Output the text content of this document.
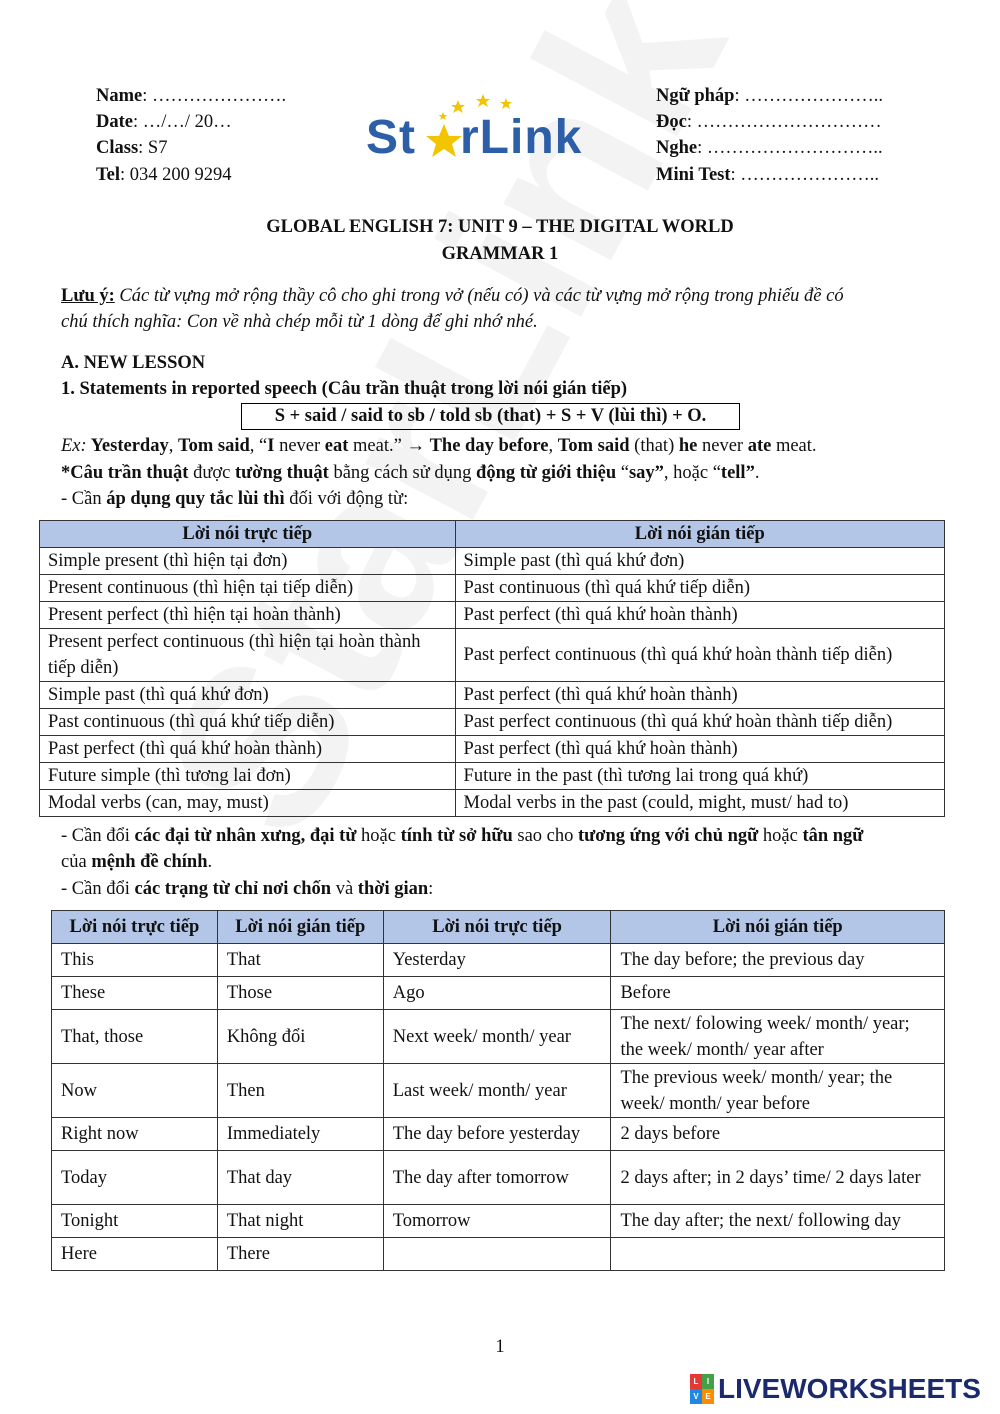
Name: ………………….
Date: …/…/ 20…
Class: S7
Tel: 034 200 9294
St rLink
Ngữ pháp: …………………..
Đọc: …………………………
Nghe: ………………………..
Mini Test: …………………..
GLOBAL ENGLISH 7: UNIT 9 – THE DIGITAL WORLD
GRAMMAR 1
Lưu ý: Các từ vựng mở rộng thầy cô cho ghi trong vở (nếu có) và các từ vựng mở rộng trong phiếu đề có
chú thích nghĩa: Con về nhà chép mỗi từ 1 dòng để ghi nhớ nhé.
A. NEW LESSON
1. Statements in reported speech (Câu trần thuật trong lời nói gián tiếp)
S + said / said to sb / told sb (that) + S + V (lùi thì) + O.
Ex: Yesterday, Tom said, “I never eat meat.” → The day before, Tom said (that) he never ate meat.
*Câu trần thuật được tường thuật bằng cách sử dụng động từ giới thiệu “say”, hoặc “tell”.
- Cần áp dụng quy tắc lùi thì đối với động từ:
Lời nói trực tiếp	Lời nói gián tiếp
Simple present (thì hiện tại đơn)	Simple past (thì quá khứ đơn)
Present continuous (thì hiện tại tiếp diễn)	Past continuous (thì quá khứ tiếp diễn)
Present perfect (thì hiện tại hoàn thành)	Past perfect (thì quá khứ hoàn thành)
Present perfect continuous (thì hiện tại hoàn thành tiếp diễn)	Past perfect continuous (thì quá khứ hoàn thành tiếp diễn)
Simple past (thì quá khứ đơn)	Past perfect (thì quá khứ hoàn thành)
Past continuous (thì quá khứ tiếp diễn)	Past perfect continuous (thì quá khứ hoàn thành tiếp diễn)
Past perfect (thì quá khứ hoàn thành)	Past perfect (thì quá khứ hoàn thành)
Future simple (thì tương lai đơn)	Future in the past (thì tương lai trong quá khứ)
Modal verbs (can, may, must)	Modal verbs in the past (could, might, must/ had to)
- Cần đổi các đại từ nhân xưng, đại từ hoặc tính từ sở hữu sao cho tương ứng với chủ ngữ hoặc tân ngữ
của mệnh đề chính.
- Cần đổi các trạng từ chỉ nơi chốn và thời gian:
Lời nói trực tiếp	Lời nói gián tiếp	Lời nói trực tiếp	Lời nói gián tiếp
This	That	Yesterday	The day before; the previous day
These	Those	Ago	Before
That, those	Không đổi	Next week/ month/ year	The next/ folowing week/ month/ year; the week/ month/ year after
Now	Then	Last week/ month/ year	The previous week/ month/ year; the week/ month/ year before
Right now	Immediately	The day before yesterday	2 days before
Today	That day	The day after tomorrow	2 days after; in 2 days’ time/ 2 days later
Tonight	That night	Tomorrow	The day after; the next/ following day
Here	There		
1
L	I
V E LIVEWORKSHEETS
